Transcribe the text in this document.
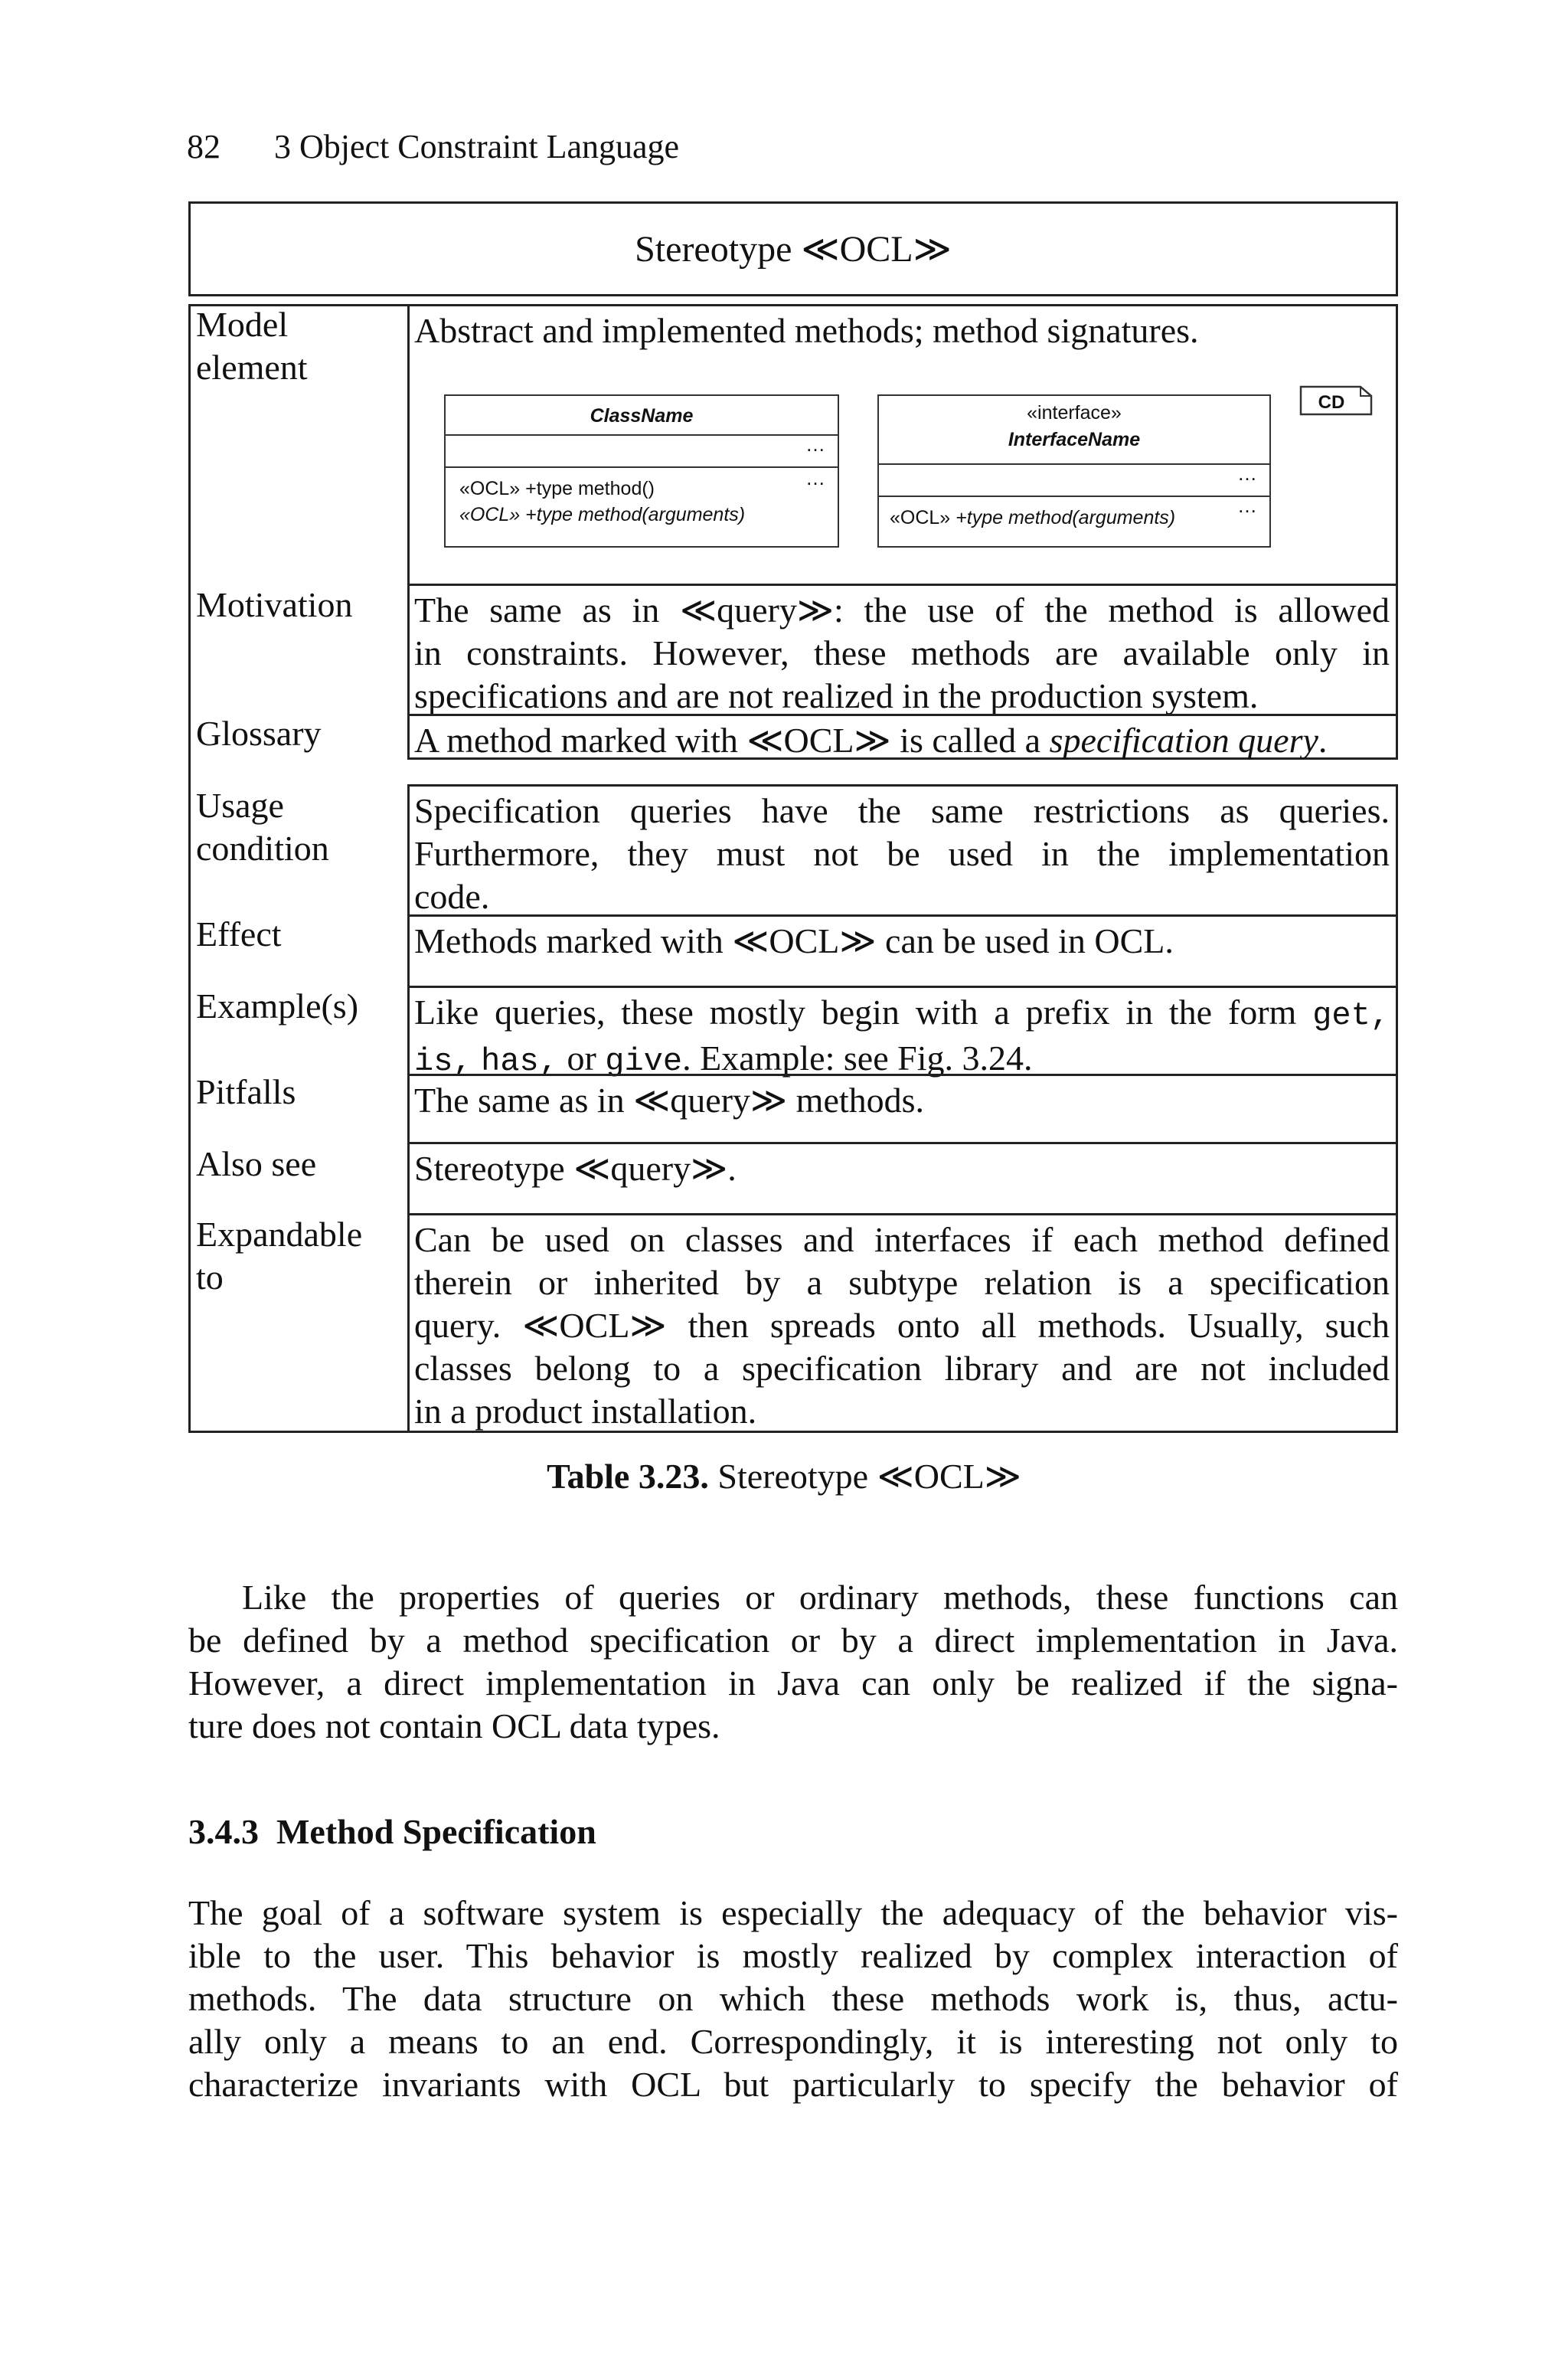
82 3 Object Constraint Language
Stereotype ≪OCL≫
Model
element
Motivation
Glossary
Usage
condition
Effect
Example(s)
Pitfalls
Also see
Expandable
to
Abstract and implemented methods; method signatures.
ClassName
…
…
«OCL» +type method()
«OCL» +type method(arguments)
«interface»
InterfaceName
…
…
«OCL» +type method(arguments)
CD
The same as in ≪query≫: the use of the method is allowed
in constraints. However, these methods are available only in
specifications and are not realized in the production system.
A method marked with ≪OCL≫ is called a specification query.
Specification queries have the same restrictions as queries.
Furthermore, they must not be used in the implementation
code.
Methods marked with ≪OCL≫ can be used in OCL.
Like queries, these mostly begin with a prefix in the form get,
is, has, or give. Example: see Fig. 3.24.
The same as in ≪query≫ methods.
Stereotype ≪query≫.
Can be used on classes and interfaces if each method defined
therein or inherited by a subtype relation is a specification
query. ≪OCL≫ then spreads onto all methods. Usually, such
classes belong to a specification library and are not included
in a product installation.
Table 3.23. Stereotype ≪OCL≫
Like the properties of queries or ordinary methods, these functions can
be defined by a method specification or by a direct implementation in Java.
However, a direct implementation in Java can only be realized if the signa-
ture does not contain OCL data types.
3.4.3 Method Specification
The goal of a software system is especially the adequacy of the behavior vis-
ible to the user. This behavior is mostly realized by complex interaction of
methods. The data structure on which these methods work is, thus, actu-
ally only a means to an end. Correspondingly, it is interesting not only to
characterize invariants with OCL but particularly to specify the behavior of
